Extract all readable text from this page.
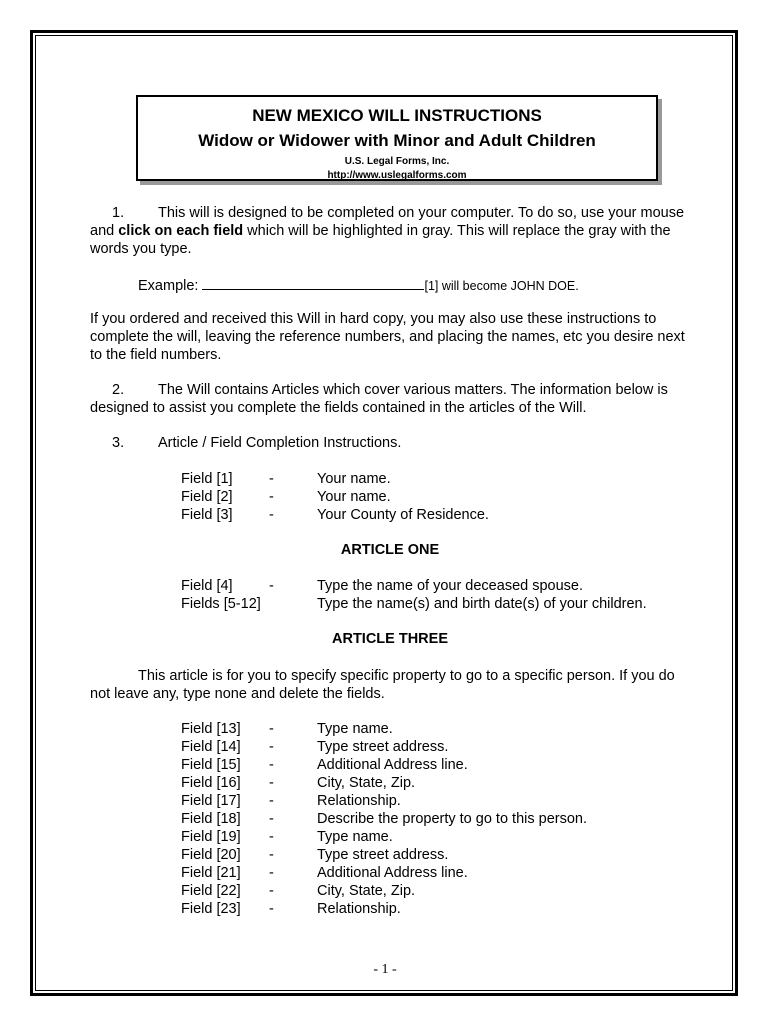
NEW MEXICO WILL INSTRUCTIONS
Widow or Widower with Minor and Adult Children
U.S. Legal Forms, Inc.
http://www.uslegalforms.com
1. This will is designed to be completed on your computer. To do so, use your mouse and click on each field which will be highlighted in gray. This will replace the gray with the words you type.
Example:	[1] will become JOHN DOE.
If you ordered and received this Will in hard copy, you may also use these instructions to complete the will, leaving the reference numbers, and placing the names, etc you desire next to the field numbers.
2. The Will contains Articles which cover various matters. The information below is designed to assist you complete the fields contained in the articles of the Will.
3. Article / Field Completion Instructions.
Field [1]	-	Your name.
Field [2]	-	Your name.
Field [3]	-	Your County of Residence.
ARTICLE ONE
Field [4]	-	Type the name of your deceased spouse.
Fields [5-12]	Type the name(s) and birth date(s) of your children.
ARTICLE THREE
This article is for you to specify specific property to go to a specific person. If you do not leave any, type none and delete the fields.
Field [13]	-	Type name.
Field [14]	-	Type street address.
Field [15]	-	Additional Address line.
Field [16]	-	City, State, Zip.
Field [17]	-	Relationship.
Field [18]	-	Describe the property to go to this person.
Field [19]	-	Type name.
Field [20]	-	Type street address.
Field [21]	-	Additional Address line.
Field [22]	-	City, State, Zip.
Field [23]	-	Relationship.
- 1 -
